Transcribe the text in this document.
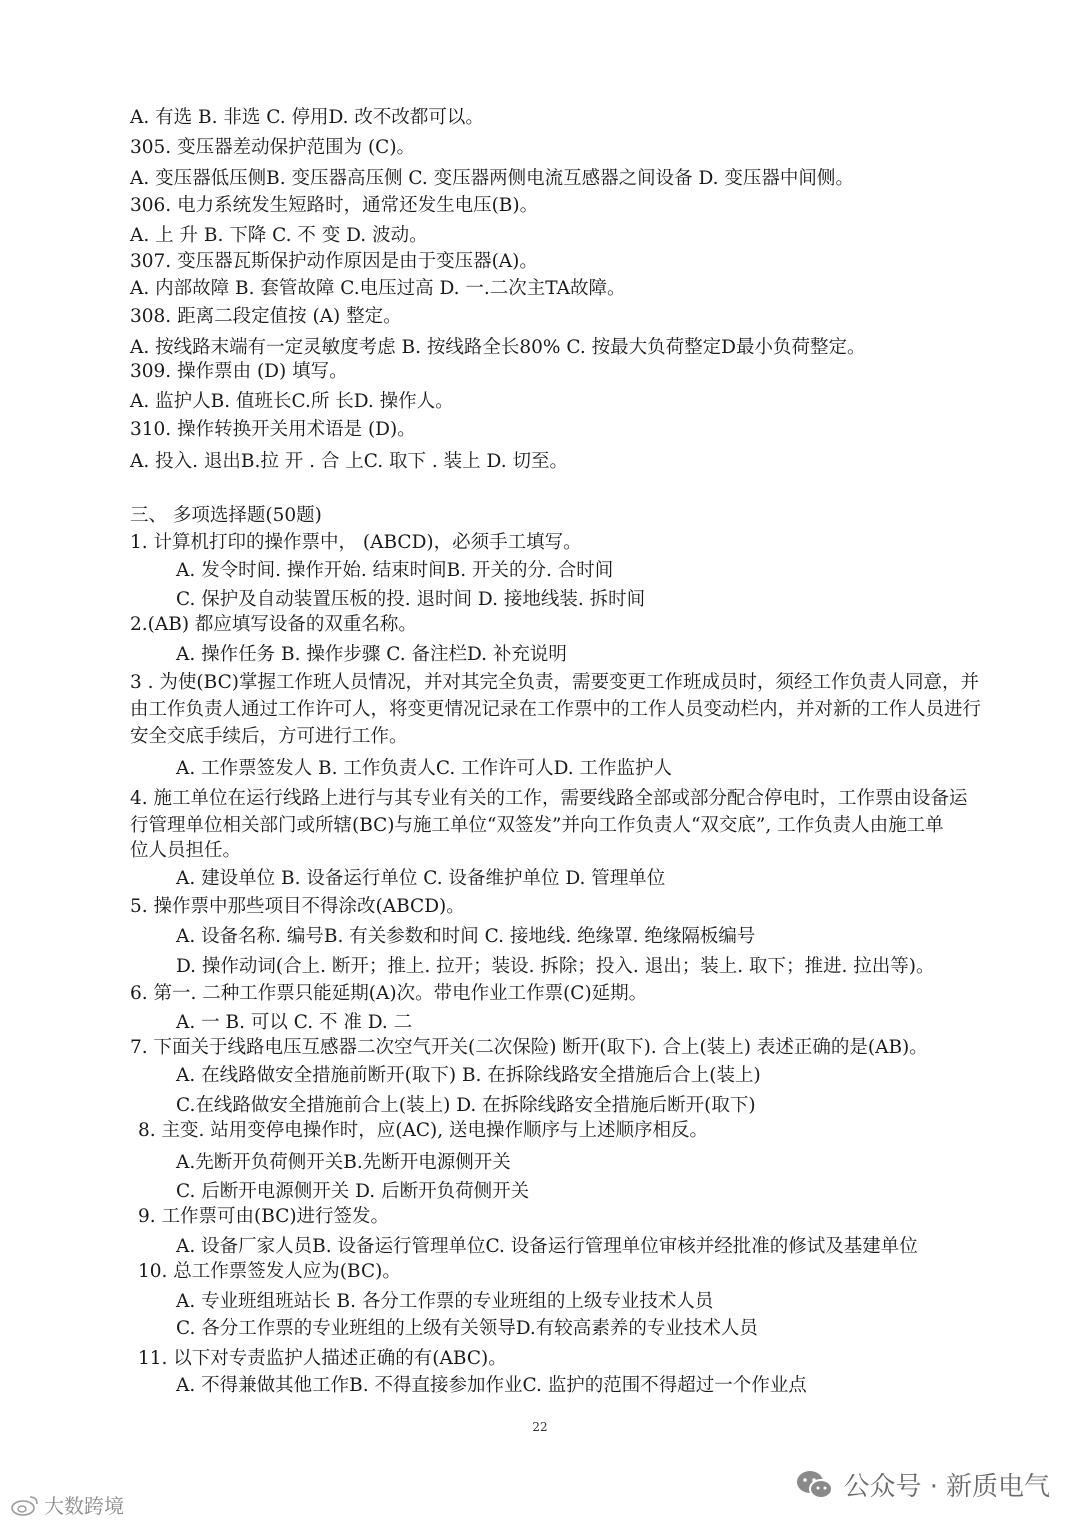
A. 有选 B. 非选 C. 停用D. 改不改都可以。
305. 变压器差动保护范围为 (C)。
A. 变压器低压侧B. 变压器高压侧 C. 变压器两侧电流互感器之间设备 D. 变压器中间侧。
306. 电力系统发生短路时，通常还发生电压(B)。
A. 上 升 B. 下降 C. 不 变 D. 波动。
307. 变压器瓦斯保护动作原因是由于变压器(A)。
A. 内部故障 B. 套管故障 C.电压过高 D. 一.二次主TA故障。
308. 距离二段定值按 (A) 整定。
A. 按线路末端有一定灵敏度考虑 B. 按线路全长80% C. 按最大负荷整定D最小负荷整定。
309. 操作票由 (D) 填写。
A. 监护人B. 值班长C.所 长D. 操作人。
310. 操作转换开关用术语是 (D)。
A. 投入. 退出B.拉 开 . 合 上C. 取下 . 装上 D. 切至。
三、 多项选择题(50题)
1. 计算机打印的操作票中， (ABCD)，必须手工填写。
A. 发令时间. 操作开始. 结束时间B. 开关的分. 合时间
C. 保护及自动装置压板的投. 退时间 D. 接地线装. 拆时间
2.(AB) 都应填写设备的双重名称。
A. 操作任务 B. 操作步骤 C. 备注栏D. 补充说明
3 . 为使(BC)掌握工作班人员情况，并对其完全负责，需要变更工作班成员时，须经工作负责人同意，并
由工作负责人通过工作许可人，将变更情况记录在工作票中的工作人员变动栏内，并对新的工作人员进行
安全交底手续后，方可进行工作。
A. 工作票签发人 B. 工作负责人C. 工作许可人D. 工作监护人
4. 施工单位在运行线路上进行与其专业有关的工作，需要线路全部或部分配合停电时，工作票由设备运
行管理单位相关部门或所辖(BC)与施工单位“双签发”并向工作负责人“双交底”, 工作负责人由施工单
位人员担任。
A. 建设单位 B. 设备运行单位 C. 设备维护单位 D. 管理单位
5. 操作票中那些项目不得涂改(ABCD)。
A. 设备名称. 编号B. 有关参数和时间 C. 接地线. 绝缘罩. 绝缘隔板编号
D. 操作动词(合上. 断开；推上. 拉开；装设. 拆除；投入. 退出；装上. 取下；推进. 拉出等)。
6. 第一. 二种工作票只能延期(A)次。带电作业工作票(C)延期。
A. 一 B. 可以 C. 不 准 D. 二
7. 下面关于线路电压互感器二次空气开关(二次保险) 断开(取下). 合上(装上) 表述正确的是(AB)。
A. 在线路做安全措施前断开(取下) B. 在拆除线路安全措施后合上(装上)
C.在线路做安全措施前合上(装上) D. 在拆除线路安全措施后断开(取下)
8. 主变. 站用变停电操作时，应(AC), 送电操作顺序与上述顺序相反。
A.先断开负荷侧开关B.先断开电源侧开关
C. 后断开电源侧开关 D. 后断开负荷侧开关
9. 工作票可由(BC)进行签发。
A. 设备厂家人员B. 设备运行管理单位C. 设备运行管理单位审核并经批准的修试及基建单位
10. 总工作票签发人应为(BC)。
A. 专业班组班站长 B. 各分工作票的专业班组的上级专业技术人员
C. 各分工作票的专业班组的上级有关领导D.有较高素养的专业技术人员
11. 以下对专责监护人描述正确的有(ABC)。
A. 不得兼做其他工作B. 不得直接参加作业C. 监护的范围不得超过一个作业点
22
公众号 · 新质电气
大数跨境
